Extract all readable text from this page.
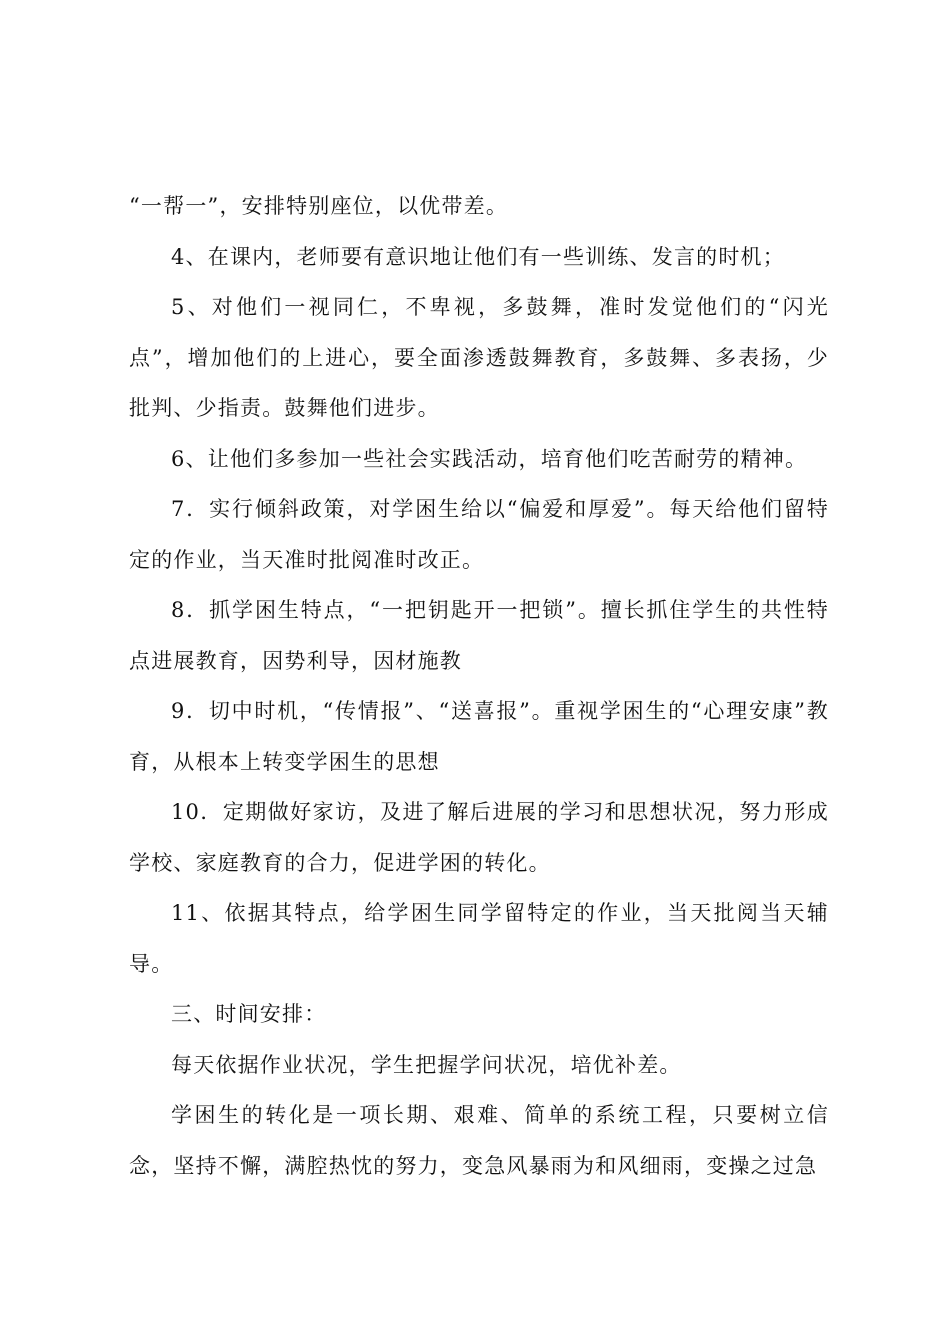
“一帮一”，安排特别座位，以优带差。

4、在课内，老师要有意识地让他们有一些训练、发言的时机；

5、对他们一视同仁，不卑视，多鼓舞，准时发觉他们的“闪光点”，增加他们的上进心，要全面渗透鼓舞教育，多鼓舞、多表扬，少批判、少指责。鼓舞他们进步。

6、让他们多参加一些社会实践活动，培育他们吃苦耐劳的精神。

7．实行倾斜政策，对学困生给以“偏爱和厚爱”。每天给他们留特定的作业，当天准时批阅准时改正。

8．抓学困生特点，“一把钥匙开一把锁”。擅长抓住学生的共性特点进展教育，因势利导，因材施教

9．切中时机，“传情报”、“送喜报”。重视学困生的“心理安康”教育，从根本上转变学困生的思想

10．定期做好家访，及进了解后进展的学习和思想状况，努力形成学校、家庭教育的合力，促进学困的转化。

11、依据其特点，给学困生同学留特定的作业，当天批阅当天辅导。

三、时间安排：

每天依据作业状况，学生把握学问状况，培优补差。

学困生的转化是一项长期、艰难、简单的系统工程，只要树立信念，坚持不懈，满腔热忱的努力，变急风暴雨为和风细雨，变操之过急
